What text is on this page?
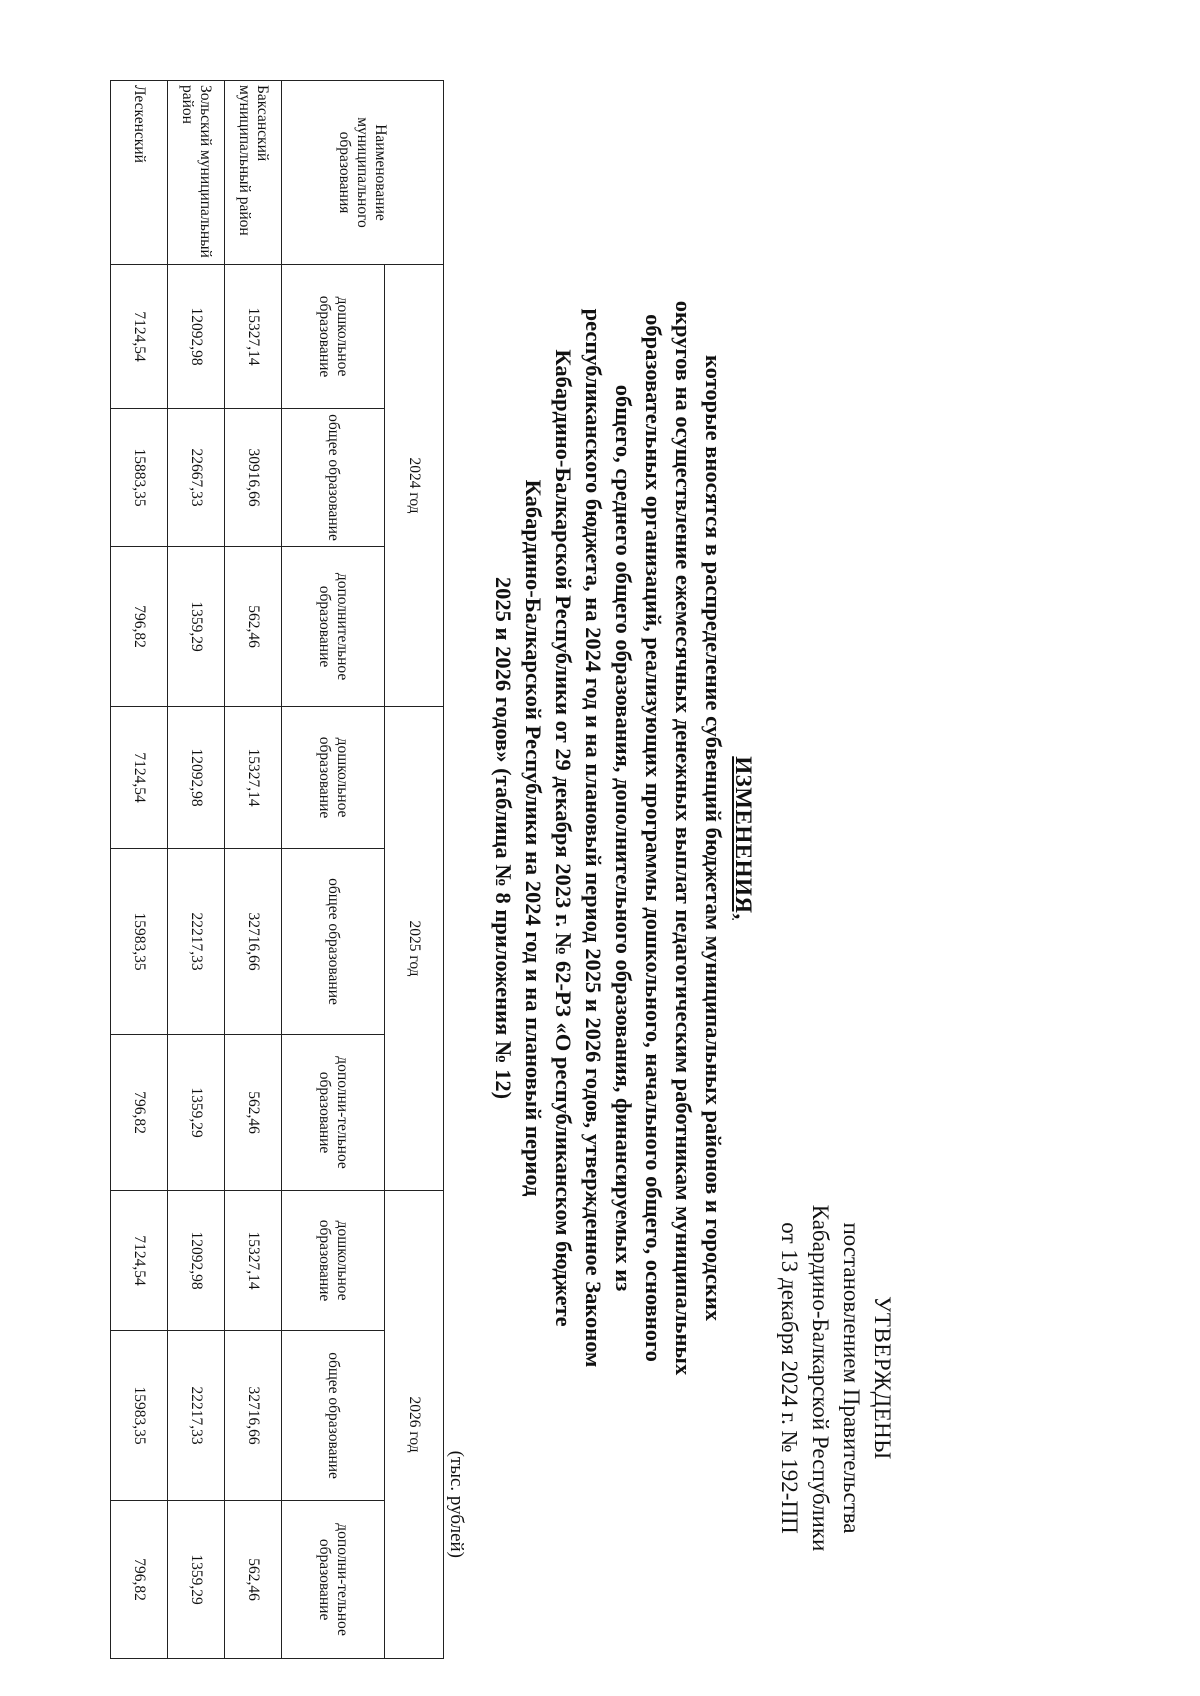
УТВЕРЖДЕНЫ
постановлением Правительства
Кабардино-Балкарской Республики
от 13 декабря 2024 г. № 192-ПП
ИЗМЕНЕНИЯ,
которые вносятся в распределение субвенций бюджетам муниципальных районов и городских
округов на осуществление ежемесячных денежных выплат педагогическим работникам муниципальных
образовательных организаций, реализующих программы дошкольного, начального общего, основного
общего, среднего общего образования, дополнительного образования, финансируемых из
республиканского бюджета, на 2024 год и на плановый период 2025 и 2026 годов, утвержденное Законом
Кабардино-Балкарской Республики от 29 декабря 2023 г. № 62-РЗ «О республиканском бюджете
Кабардино-Балкарской Республики на 2024 год и на плановый период
2025 и 2026 годов» (таблица № 8 приложения № 12)
(тыс. рублей)
Наименование муниципального образования	2024 год			2025 год			2026 год		
	дошкольное образование	общее образование	дополнительное образование	дошкольное образование	общее образование	дополни-тельное образование	дошкольное образование	общее образование	дополни-тельное образование
Баксанский муниципальный район	15327,14	30916,66	562,46	15327,14	32716,66	562,46	15327,14	32716,66	562,46
Зольский муниципальный район	12092,98	22667,33	1359,29	12092,98	22217,33	1359,29	12092,98	22217,33	1359,29
Лескенский	7124,54	15883,35	796,82	7124,54	15983,35	796,82	7124,54	15983,35	796,82
